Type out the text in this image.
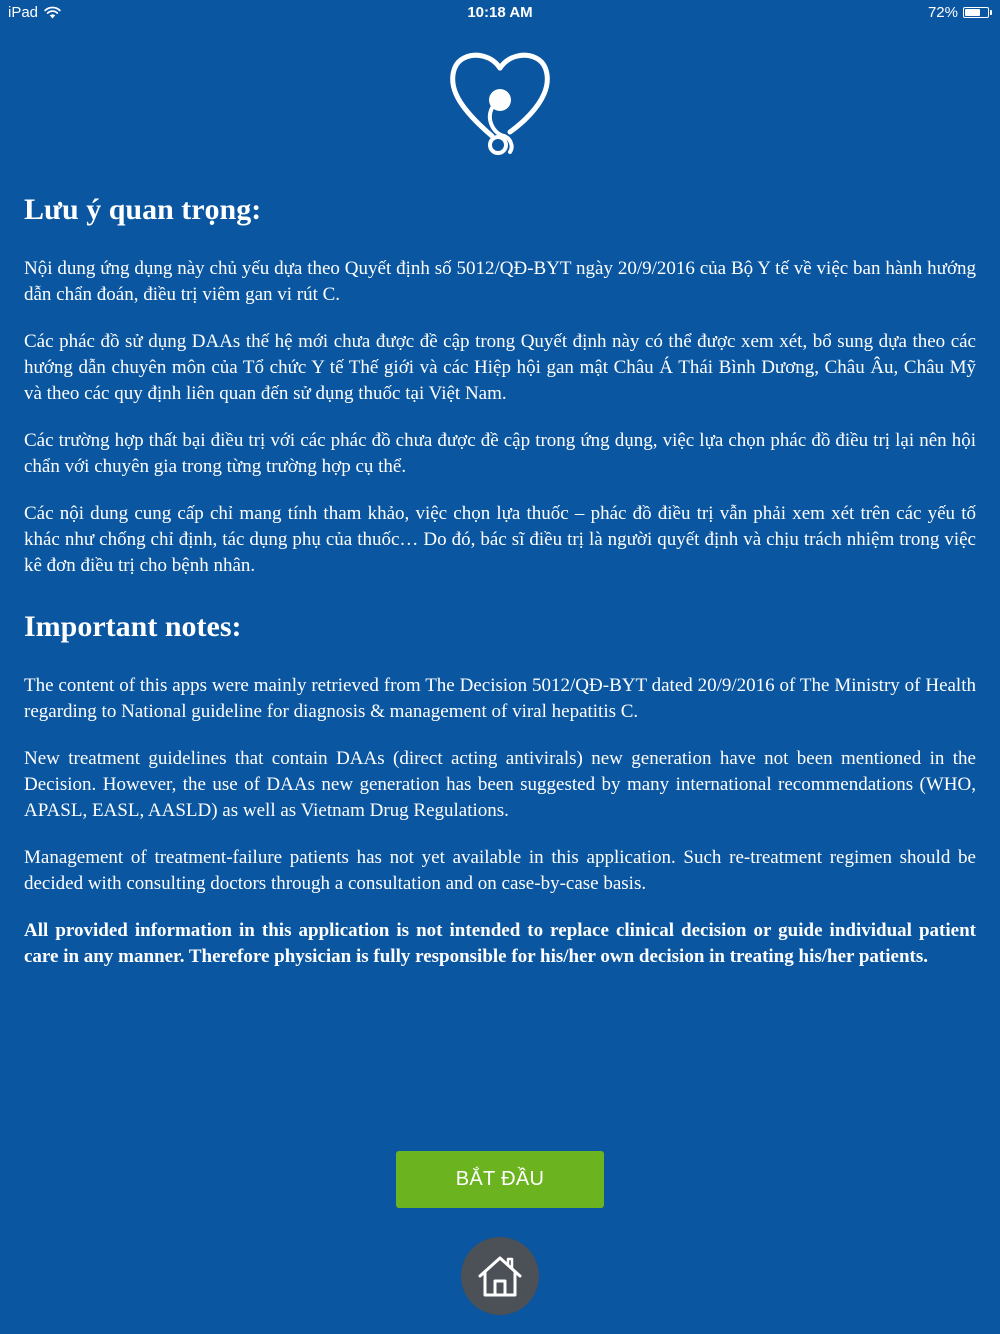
iPad	10:18 AM	72%
Lưu ý quan trọng:

Nội dung ứng dụng này chủ yếu dựa theo Quyết định số 5012/QĐ-BYT ngày 20/9/2016 của Bộ Y tế về việc ban hành hướng dẫn chẩn đoán, điều trị viêm gan vi rút C.

Các phác đồ sử dụng DAAs thế hệ mới chưa được đề cập trong Quyết định này có thể được xem xét, bổ sung dựa theo các hướng dẫn chuyên môn của Tổ chức Y tế Thế giới và các Hiệp hội gan mật Châu Á Thái Bình Dương, Châu Âu, Châu Mỹ và theo các quy định liên quan đến sử dụng thuốc tại Việt Nam.

Các trường hợp thất bại điều trị với các phác đồ chưa được đề cập trong ứng dụng, việc lựa chọn phác đồ điều trị lại nên hội chẩn với chuyên gia trong từng trường hợp cụ thể.

Các nội dung cung cấp chỉ mang tính tham khảo, việc chọn lựa thuốc – phác đồ điều trị vẫn phải xem xét trên các yếu tố khác như chống chỉ định, tác dụng phụ của thuốc… Do đó, bác sĩ điều trị là người quyết định và chịu trách nhiệm trong việc kê đơn điều trị cho bệnh nhân.

Important notes:

The content of this apps were mainly retrieved from The Decision 5012/QĐ-BYT dated 20/9/2016 of The Ministry of Health regarding to National guideline for diagnosis & management of viral hepatitis C.

New treatment guidelines that contain DAAs (direct acting antivirals) new generation have not been mentioned in the Decision. However, the use of DAAs new generation has been suggested by many international recommendations (WHO, APASL, EASL, AASLD) as well as Vietnam Drug Regulations.

Management of treatment-failure patients has not yet available in this application. Such re-treatment regimen should be decided with consulting doctors through a consultation and on case-by-case basis.

All provided information in this application is not intended to replace clinical decision or guide individual patient care in any manner. Therefore physician is fully responsible for his/her own decision in treating his/her patients.

BẮT ĐẦU
